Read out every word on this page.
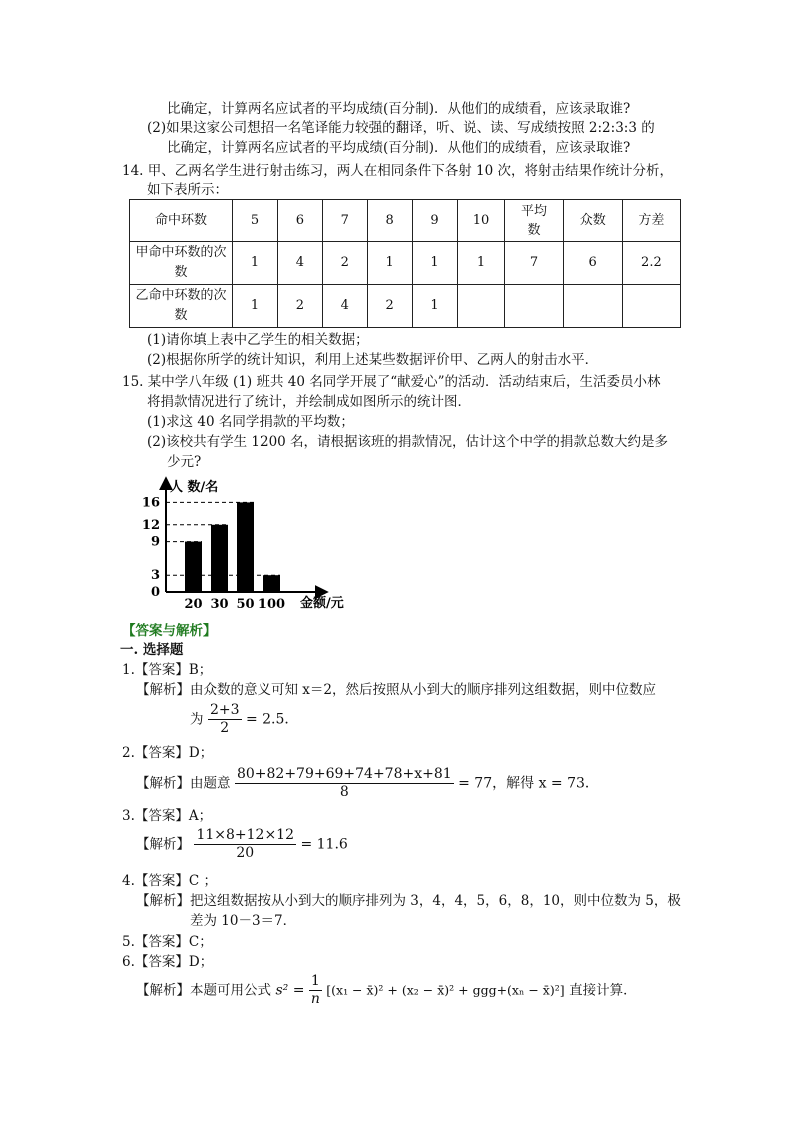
比确定，计算两名应试者的平均成绩(百分制)．从他们的成绩看，应该录取谁?
(2)如果这家公司想招一名笔译能力较强的翻译，听、说、读、写成绩按照 2:2:3:3 的
比确定，计算两名应试者的平均成绩(百分制)．从他们的成绩看，应该录取谁?
14. 甲、乙两名学生进行射击练习，两人在相同条件下各射 10 次，将射击结果作统计分析，
如下表所示：
命中环数	5	6	7	8	9	10	平均数	众数	方差

甲命中环数的次数	1	4	2	1	1	1	7	6	2.2

乙命中环数的次数	1	2	4	2	1				
(1)请你填上表中乙学生的相关数据；
(2)根据你所学的统计知识，利用上述某些数据评价甲、乙两人的射击水平．
15. 某中学八年级 (1) 班共 40 名同学开展了“献爱心”的活动．活动结束后，生活委员小林
将捐款情况进行了统计，并绘制成如图所示的统计图．
(1)求这 40 名同学捐款的平均数；
(2)该校共有学生 1200 名，请根据该班的捐款情况，估计这个中学的捐款总数大约是多
少元?
人 数/名
金额/元
16
12
9
3
0
20 30 50 100
【答案与解析】
一. 选择题
1.【答案】B；
【解析】由众数的意义可知 x＝2，然后按照从小到大的顺序排列这组数据，则中位数应
为 $\frac{2+3}{2} = 2.5$．
2.【答案】D；
【解析】由题意 $\frac{80+82+79+69+74+78+x+81}{8} = 77$，解得 x = 73．
3.【答案】A；
【解析】 $\frac{11\times 8+12\times 12}{20} = 11.6$
4.【答案】C ；
【解析】把这组数据按从小到大的顺序排列为 3，4，4，5，6，8，10，则中位数为 5，极
差为 10－3＝7．
5.【答案】C；
6.【答案】D；
【解析】本题可用公式 $s^2 = \frac{1}{n} [(x_1$ − x̄)² + (x₂ − x̄)² + ggg+(xₙ − x̄)²] 直接计算．
